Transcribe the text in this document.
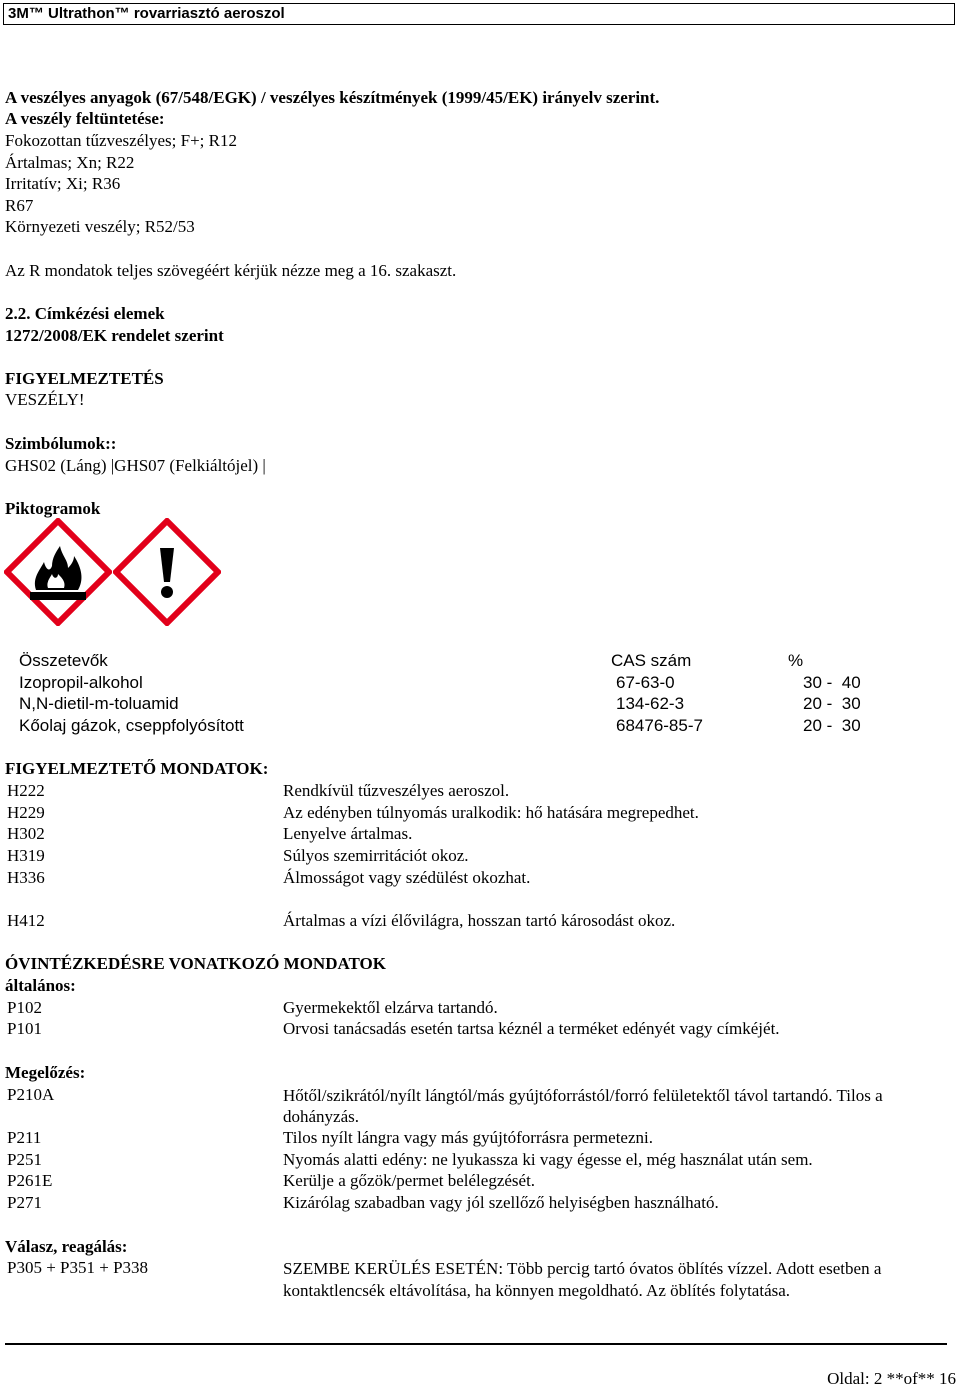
3M™ Ultrathon™ rovarriasztó aeroszol
A veszélyes anyagok (67/548/EGK) / veszélyes készítmények (1999/45/EK) irányelv szerint.
A veszély feltüntetése:
Fokozottan tűzveszélyes; F+; R12
Ártalmas; Xn; R22
Irritatív; Xi; R36
R67
Környezeti veszély; R52/53
Az R mondatok teljes szövegéért kérjük nézze meg a 16. szakaszt.
2.2. Címkézési elemek
1272/2008/EK rendelet szerint
FIGYELMEZTETÉS
VESZÉLY!
Szimbólumok::
GHS02 (Láng) |GHS07 (Felkiáltójel) |
Piktogramok
Összetevők	CAS szám	%
Izopropil-alkohol	67-63-0	30 -  40
N,N-dietil-m-toluamid	134-62-3	20 -  30
Kőolaj gázok, cseppfolyósított	68476-85-7	20 -  30
FIGYELMEZTETŐ MONDATOK:
H222	Rendkívül tűzveszélyes aeroszol.
H229	Az edényben túlnyomás uralkodik: hő hatására megrepedhet.
H302	Lenyelve ártalmas.
H319	Súlyos szemirritációt okoz.
H336	Álmosságot vagy szédülést okozhat.
H412	Ártalmas a vízi élővilágra, hosszan tartó károsodást okoz.
ÓVINTÉZKEDÉSRE VONATKOZÓ MONDATOK
általános:
P102	Gyermekektől elzárva tartandó.
P101	Orvosi tanácsadás esetén tartsa kéznél a terméket edényét vagy címkéjét.
Megelőzés:
P210A	Hőtől/szikrától/nyílt lángtól/más gyújtóforrástól/forró felületektől távol tartandó. Tilos a dohányzás.
P211	Tilos nyílt lángra vagy más gyújtóforrásra permetezni.
P251	Nyomás alatti edény: ne lyukassza ki vagy égesse el, még használat után sem.
P261E	Kerülje a gőzök/permet belélegzését.
P271	Kizárólag szabadban vagy jól szellőző helyiségben használható.
Válasz, reagálás:
P305 + P351 + P338	SZEMBE KERÜLÉS ESETÉN: Több percig tartó óvatos öblítés vízzel. Adott esetben a kontaktlencsék eltávolítása, ha könnyen megoldható. Az öblítés folytatása.
Oldal: 2 **of** 16
